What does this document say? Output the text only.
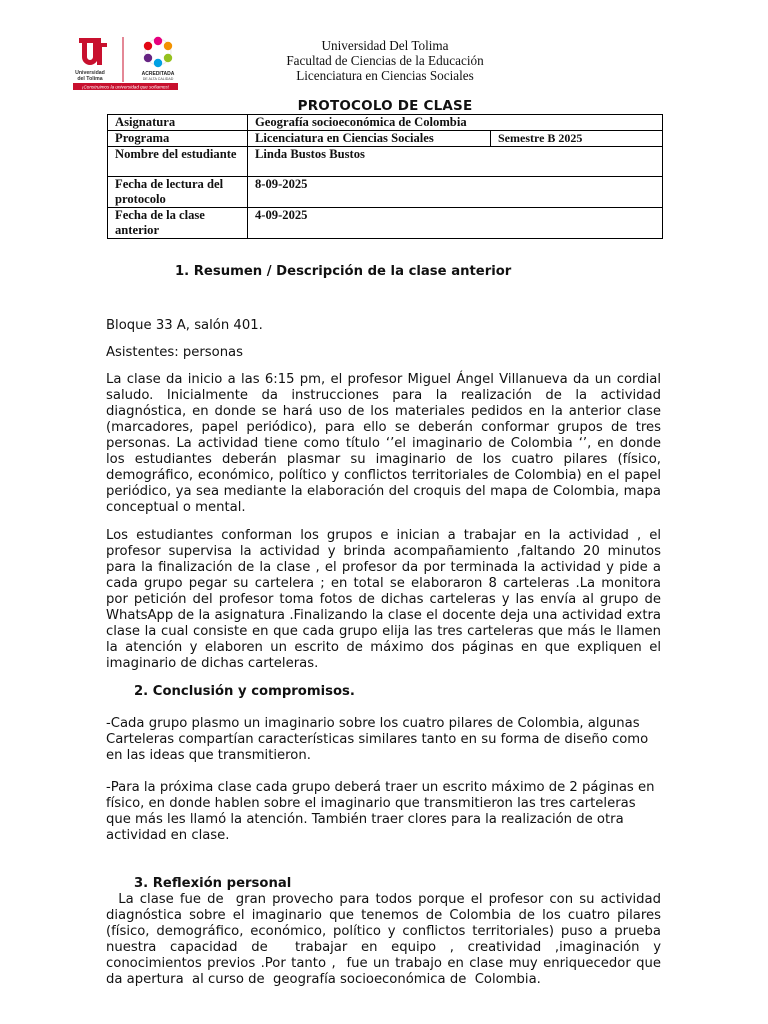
Universidad
del Tolima
ACREDITADA
DE ALTA CALIDAD
¡Construimos la universidad que soñamos!
Universidad Del Tolima
Facultad de Ciencias de la Educación
Licenciatura en Ciencias Sociales
PROTOCOLO DE CLASE
Asignatura	Geografía socioeconómica de Colombia	
Programa	Licenciatura en Ciencias Sociales	Semestre B 2025
Nombre del estudiante	Linda Bustos Bustos	
Fecha de lectura del protocolo	8-09-2025	
Fecha de la clase anterior	4-09-2025	
1. Resumen / Descripción de la clase anterior
Bloque 33 A, salón 401.
Asistentes: personas
La clase da inicio a las 6:15 pm, el profesor Miguel Ángel Villanueva da un cordial saludo. Inicialmente da instrucciones para la realización de la actividad diagnóstica, en donde se hará uso de los materiales pedidos en la anterior clase (marcadores, papel periódico), para ello se deberán conformar grupos de tres personas. La actividad tiene como título ‘’el imaginario de Colombia ‘’, en donde los estudiantes deberán plasmar su imaginario de los cuatro pilares (físico, demográfico, económico, político y conflictos territoriales de Colombia) en el papel periódico, ya sea mediante la elaboración del croquis del mapa de Colombia, mapa conceptual o mental.
Los estudiantes conforman los grupos e inician a trabajar en la actividad , el profesor supervisa la actividad y brinda acompañamiento ,faltando 20 minutos para la finalización de la clase , el profesor da por terminada la actividad y pide a cada grupo pegar su cartelera ; en total se elaboraron 8 carteleras .La monitora por petición del profesor toma fotos de dichas carteleras y las envía al grupo de WhatsApp de la asignatura .Finalizando la clase el docente deja una actividad extra clase la cual consiste en que cada grupo elija las tres carteleras que más le llamen la atención y elaboren un escrito de máximo dos páginas en que expliquen el imaginario de dichas carteleras.
2. Conclusión y compromisos.
-Cada grupo plasmo un imaginario sobre los cuatro pilares de Colombia, algunas Carteleras compartían características similares tanto en su forma de diseño como en las ideas que transmitieron.
-Para la próxima clase cada grupo deberá traer un escrito máximo de 2 páginas en físico, en donde hablen sobre el imaginario que transmitieron las tres carteleras que más les llamó la atención. También traer clores para la realización de otra actividad en clase.
3. Reflexión personal
La clase fue de  gran provecho para todos porque el profesor con su actividad diagnóstica sobre el imaginario que tenemos de Colombia de los cuatro pilares (físico, demográfico, económico, político y conflictos territoriales) puso a prueba nuestra capacidad de  trabajar en equipo , creatividad ,imaginación y conocimientos previos .Por tanto ,  fue un trabajo en clase muy enriquecedor que da apertura  al curso de  geografía socioeconómica de  Colombia.
